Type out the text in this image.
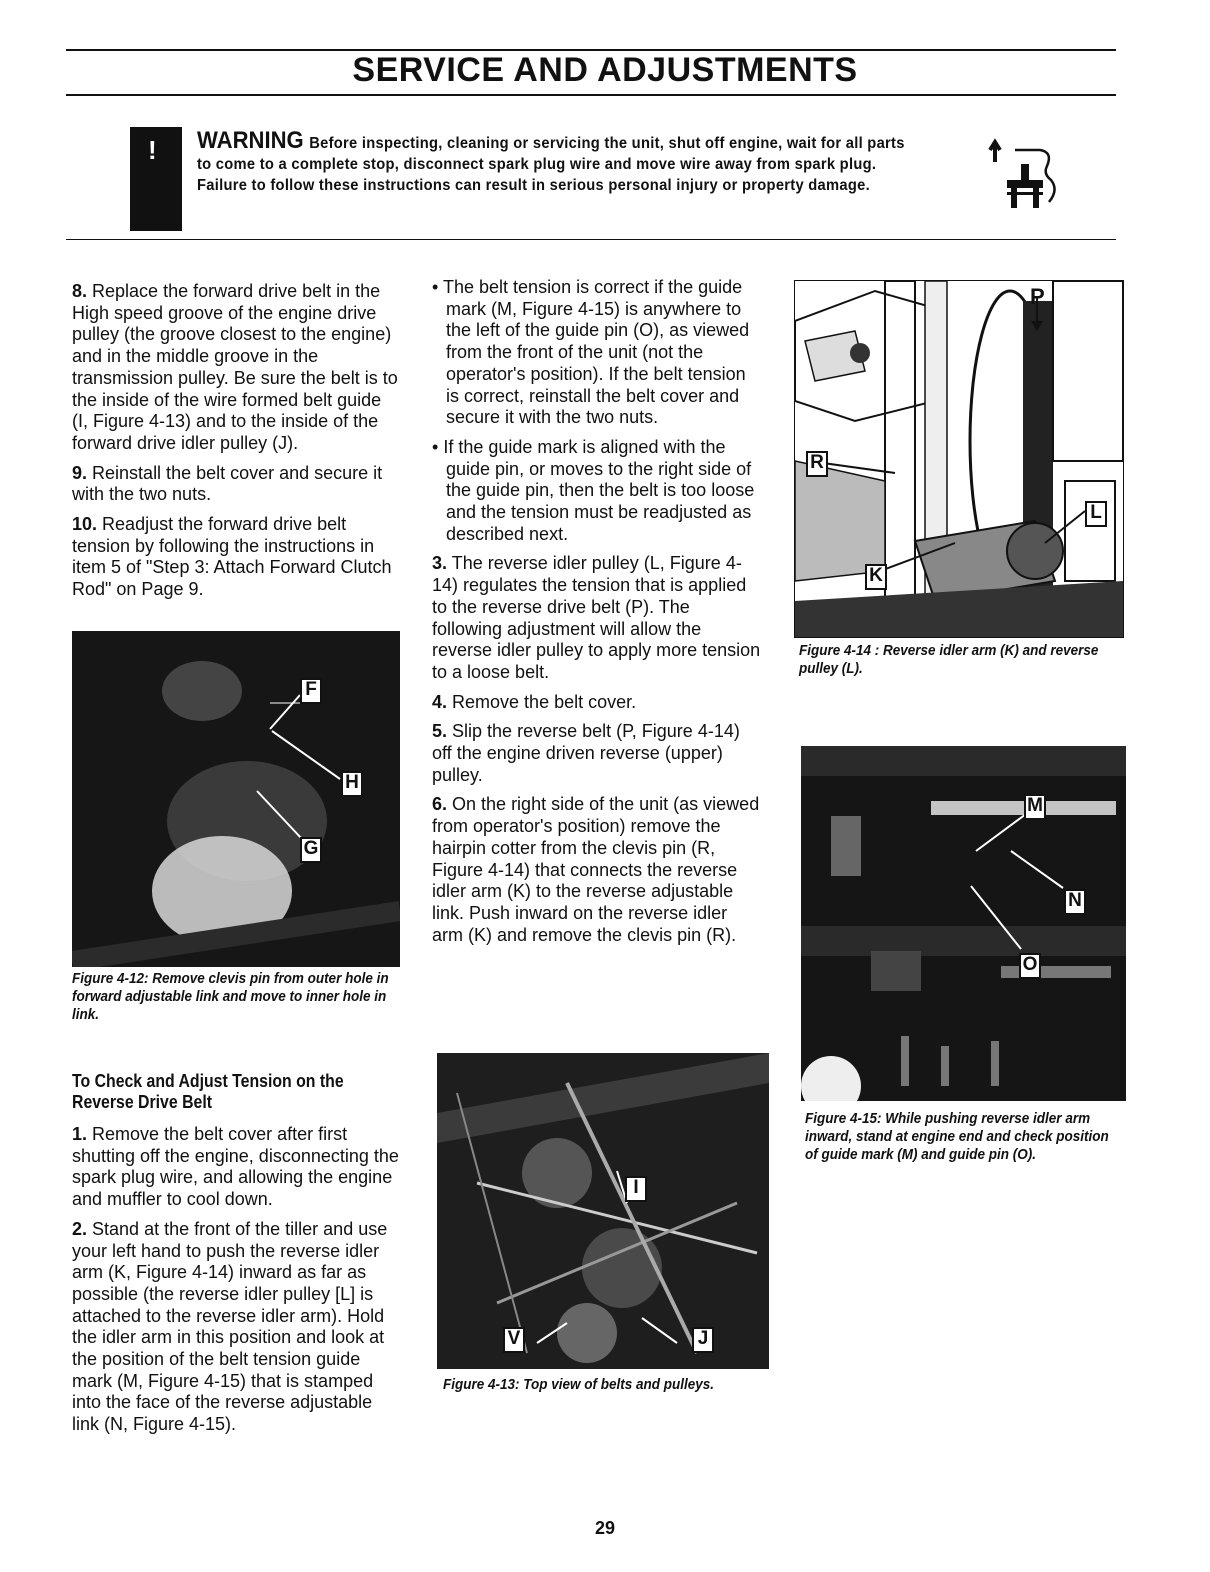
SERVICE AND ADJUSTMENTS
! WARNING Before inspecting, cleaning or servicing the unit, shut off engine, wait for all parts to come to a complete stop, disconnect spark plug wire and move wire away from spark plug. Failure to follow these instructions can result in serious personal injury or property damage.

8. Replace the forward drive belt in the High speed groove of the engine drive pulley (the groove closest to the engine) and in the middle groove in the transmission pulley. Be sure the belt is to the inside of the wire formed belt guide (I, Figure 4-13) and to the inside of the forward drive idler pulley (J).

9. Reinstall the belt cover and secure it with the two nuts.

10. Readjust the forward drive belt tension by following the instructions in item 5 of "Step 3: Attach Forward Clutch Rod" on Page 9.

F
H
G
Figure 4-12: Remove clevis pin from outer hole in forward adjustable link and move to inner hole in link.
To Check and Adjust Tension on the Reverse Drive Belt

1. Remove the belt cover after first shutting off the engine, disconnecting the spark plug wire, and allowing the engine and muffler to cool down.

2. Stand at the front of the tiller and use your left hand to push the reverse idler arm (K, Figure 4-14) inward as far as possible (the reverse idler pulley [L] is attached to the reverse idler arm). Hold the idler arm in this position and look at the position of the belt tension guide mark (M, Figure 4-15) that is stamped into the face of the reverse adjustable link (N, Figure 4-15).

• The belt tension is correct if the guide mark (M, Figure 4-15) is anywhere to the left of the guide pin (O), as viewed from the front of the unit (not the operator's position). If the belt tension is correct, reinstall the belt cover and secure it with the two nuts.

• If the guide mark is aligned with the guide pin, or moves to the right side of the guide pin, then the belt is too loose and the tension must be readjusted as described next.

3. The reverse idler pulley (L, Figure 4-14) regulates the tension that is applied to the reverse drive belt (P). The following adjustment will allow the reverse idler pulley to apply more tension to a loose belt.

4. Remove the belt cover.

5. Slip the reverse belt (P, Figure 4-14) off the engine driven reverse (upper) pulley.

6. On the right side of the unit (as viewed from operator's position) remove the hairpin cotter from the clevis pin (R, Figure 4-14) that connects the reverse idler arm (K) to the reverse adjustable link. Push inward on the reverse idler arm (K) and remove the clevis pin (R).

I
V	J
Figure 4-13: Top view of belts and pulleys.
P
R
L
K
Figure 4-14 : Reverse idler arm (K) and reverse pulley (L).
M
N
O
Figure 4-15: While pushing reverse idler arm inward, stand at engine end and check position of guide mark (M) and guide pin (O).
29
